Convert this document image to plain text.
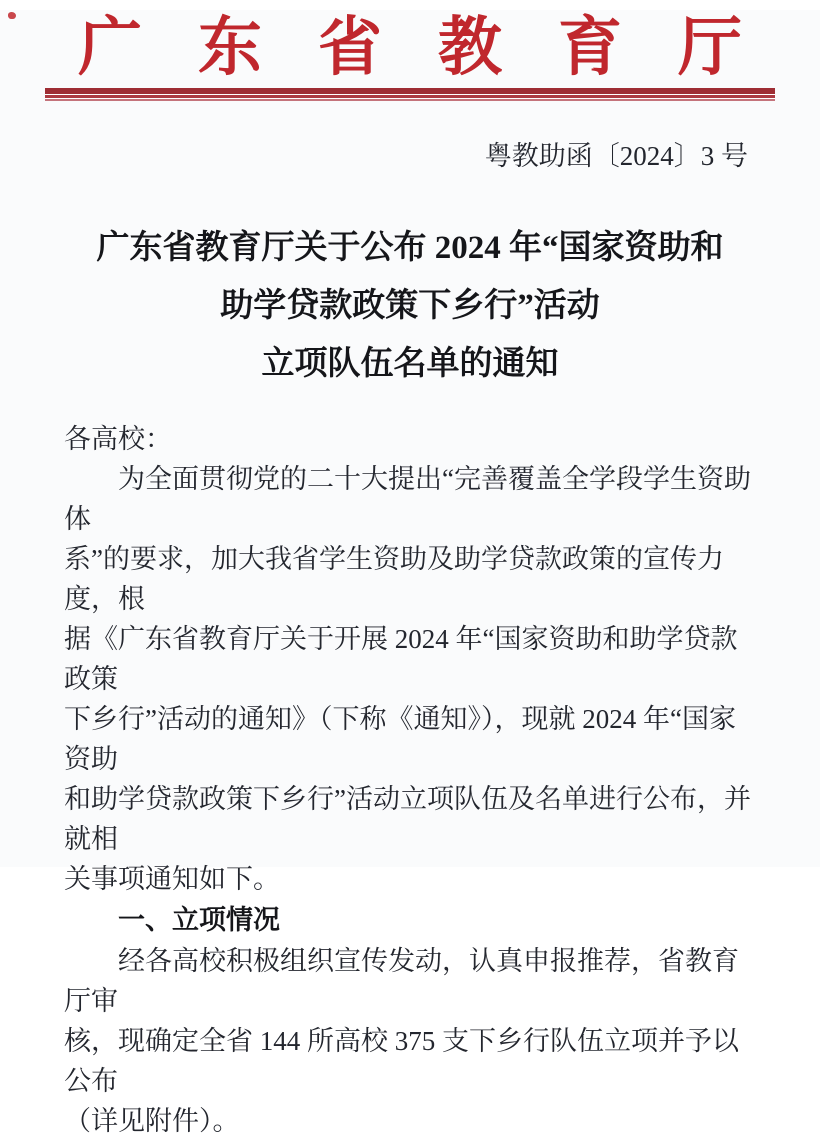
广东省教育厅
粤教助函〔2024〕3 号
广东省教育厅关于公布 2024 年“国家资助和
助学贷款政策下乡行”活动
立项队伍名单的通知
各高校：
为全面贯彻党的二十大提出“完善覆盖全学段学生资助体
系”的要求，加大我省学生资助及助学贷款政策的宣传力度，根
据《广东省教育厅关于开展 2024 年“国家资助和助学贷款政策
下乡行”活动的通知》（下称《通知》），现就 2024 年“国家资助
和助学贷款政策下乡行”活动立项队伍及名单进行公布，并就相
关事项通知如下。
一、立项情况
经各高校积极组织宣传发动，认真申报推荐，省教育厅审
核，现确定全省 144 所高校 375 支下乡行队伍立项并予以公布
（详见附件）。
